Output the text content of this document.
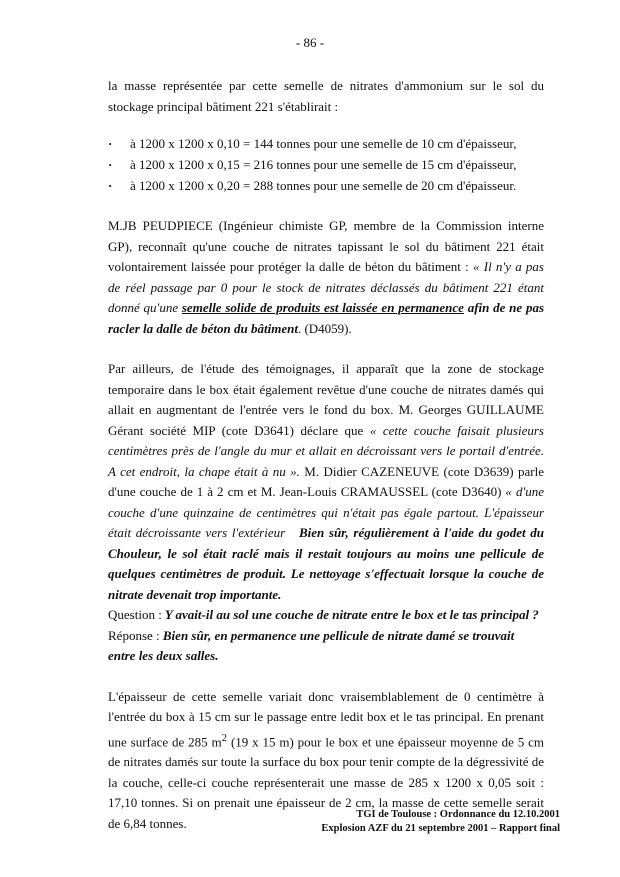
- 86 -

la masse représentée par cette semelle de nitrates d'ammonium sur le sol du stockage principal bâtiment 221 s'établirait :

· à 1200 x 1200 x 0,10 = 144 tonnes pour une semelle de 10 cm d'épaisseur,
· à 1200 x 1200 x 0,15 = 216 tonnes pour une semelle de 15 cm d'épaisseur,
· à 1200 x 1200 x 0,20 = 288 tonnes pour une semelle de 20 cm d'épaisseur.

M.JB PEUDPIECE (Ingénieur chimiste GP, membre de la Commission interne GP), reconnaît qu'une couche de nitrates tapissant le sol du bâtiment 221 était volontairement laissée pour protéger la dalle de béton du bâtiment : « Il n'y a pas de réel passage par 0 pour le stock de nitrates déclassés du bâtiment 221 étant donné qu'une semelle solide de produits est laissée en permanence afin de ne pas racler la dalle de béton du bâtiment. (D4059).

Par ailleurs, de l'étude des témoignages, il apparaît que la zone de stockage temporaire dans le box était également revêtue d'une couche de nitrates damés qui allait en augmentant de l'entrée vers le fond du box. M. Georges GUILLAUME Gérant société MIP (cote D3641) déclare que « cette couche faisait plusieurs centimètres près de l'angle du mur et allait en décroissant vers le portail d'entrée. A cet endroit, la chape était à nu ». M. Didier CAZENEUVE (cote D3639) parle d'une couche de 1 à 2 cm et M. Jean-Louis CRAMAUSSEL (cote D3640) « d'une couche d'une quinzaine de centimètres qui n'était pas égale partout. L'épaisseur était décroissante vers l'extérieur Bien sûr, régulièrement à l'aide du godet du Chouleur, le sol était raclé mais il restait toujours au moins une pellicule de quelques centimètres de produit. Le nettoyage s'effectuait lorsque la couche de nitrate devenait trop importante.

Question : Y avait-il au sol une couche de nitrate entre le box et le tas principal ?

Réponse : Bien sûr, en permanence une pellicule de nitrate damé se trouvait entre les deux salles.

L'épaisseur de cette semelle variait donc vraisemblablement de 0 centimètre à l'entrée du box à 15 cm sur le passage entre ledit box et le tas principal. En prenant une surface de 285 $m^2$ (19 x 15 m) pour le box et une épaisseur moyenne de 5 cm de nitrates damés sur toute la surface du box pour tenir compte de la dégressivité de la couche, celle-ci couche représenterait une masse de 285 x 1200 x 0,05 soit : 17,10 tonnes. Si on prenait une épaisseur de 2 cm, la masse de cette semelle serait de 6,84 tonnes.

TGI de Toulouse : Ordonnance du 12.10.2001
Explosion AZF du 21 septembre 2001 – Rapport final
